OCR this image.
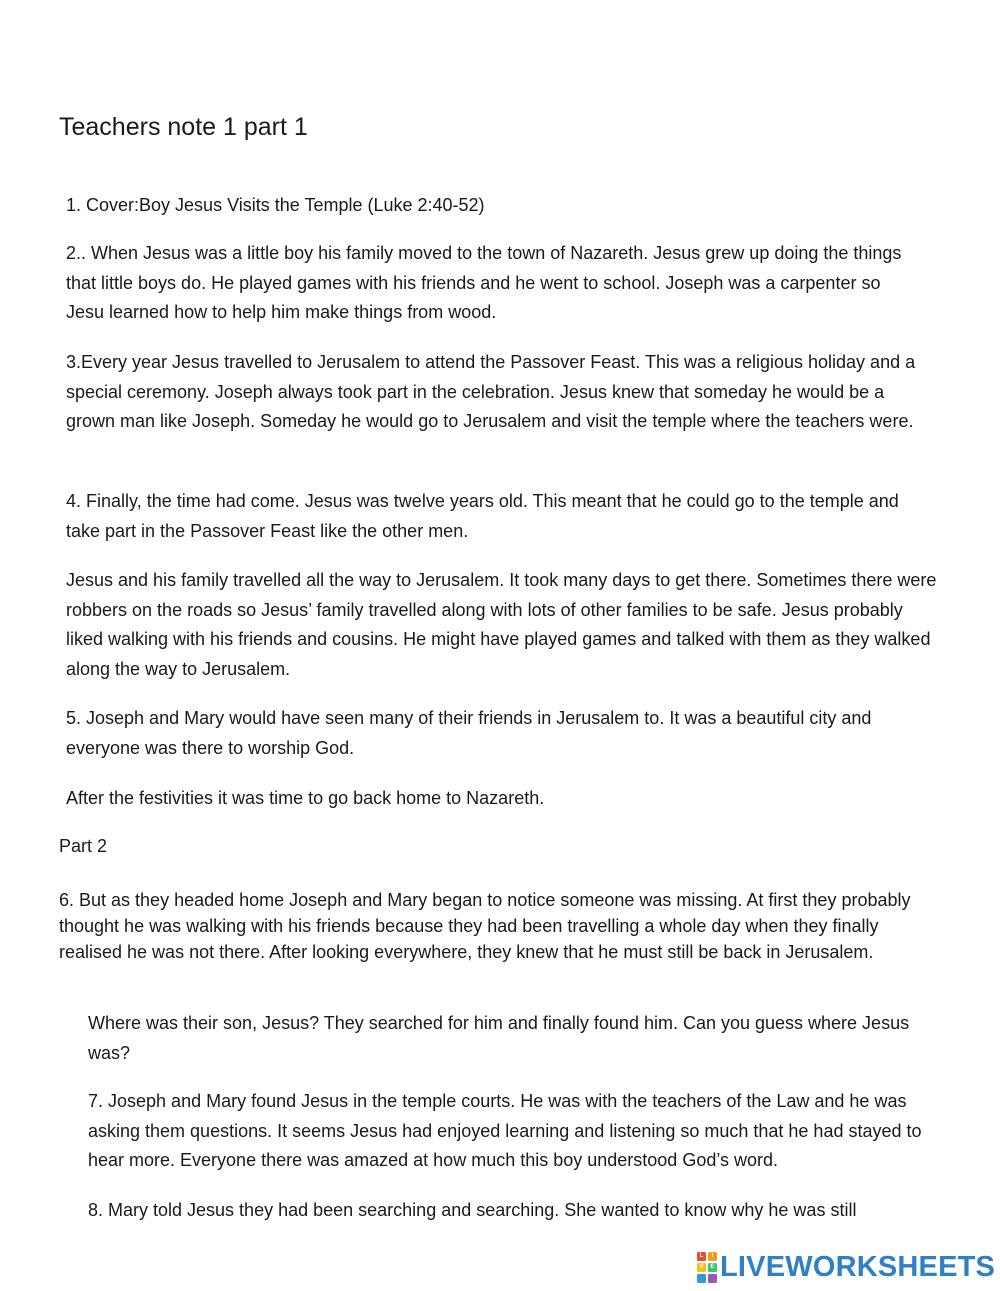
Teachers note 1 part 1

1. Cover:Boy Jesus Visits the Temple (Luke 2:40-52)

2.. When Jesus was a little boy his family moved to the town of Nazareth. Jesus grew up doing the things that little boys do. He played games with his friends and he went to school. Joseph was a carpenter so Jesu learned how to help him make things from wood.

3.Every year Jesus travelled to Jerusalem to attend the Passover Feast. This was a religious holiday and a special ceremony. Joseph always took part in the celebration. Jesus knew that someday he would be a grown man like Joseph. Someday he would go to Jerusalem and visit the temple where the teachers were.

4. Finally, the time had come. Jesus was twelve years old. This meant that he could go to the temple and take part in the Passover Feast like the other men.

Jesus and his family travelled all the way to Jerusalem. It took many days to get there. Sometimes there were robbers on the roads so Jesus’ family travelled along with lots of other families to be safe. Jesus probably liked walking with his friends and cousins. He might have played games and talked with them as they walked along the way to Jerusalem.

5. Joseph and Mary would have seen many of their friends in Jerusalem to. It was a beautiful city and everyone was there to worship God.

After the festivities it was time to go back home to Nazareth.

Part 2

6. But as they headed home Joseph and Mary began to notice someone was missing. At first they probably thought he was walking with his friends because they had been travelling a whole day when they finally realised he was not there. After looking everywhere, they knew that he must still be back in Jerusalem.

Where was their son, Jesus? They searched for him and finally found him. Can you guess where Jesus was?

7. Joseph and Mary found Jesus in the temple courts. He was with the teachers of the Law and he was asking them questions. It seems Jesus had enjoyed learning and listening so much that he had stayed to hear more. Everyone there was amazed at how much this boy understood God’s word.

8. Mary told Jesus they had been searching and searching. She wanted to know why he was still

L	I
V	E LIVEWORKSHEETS
